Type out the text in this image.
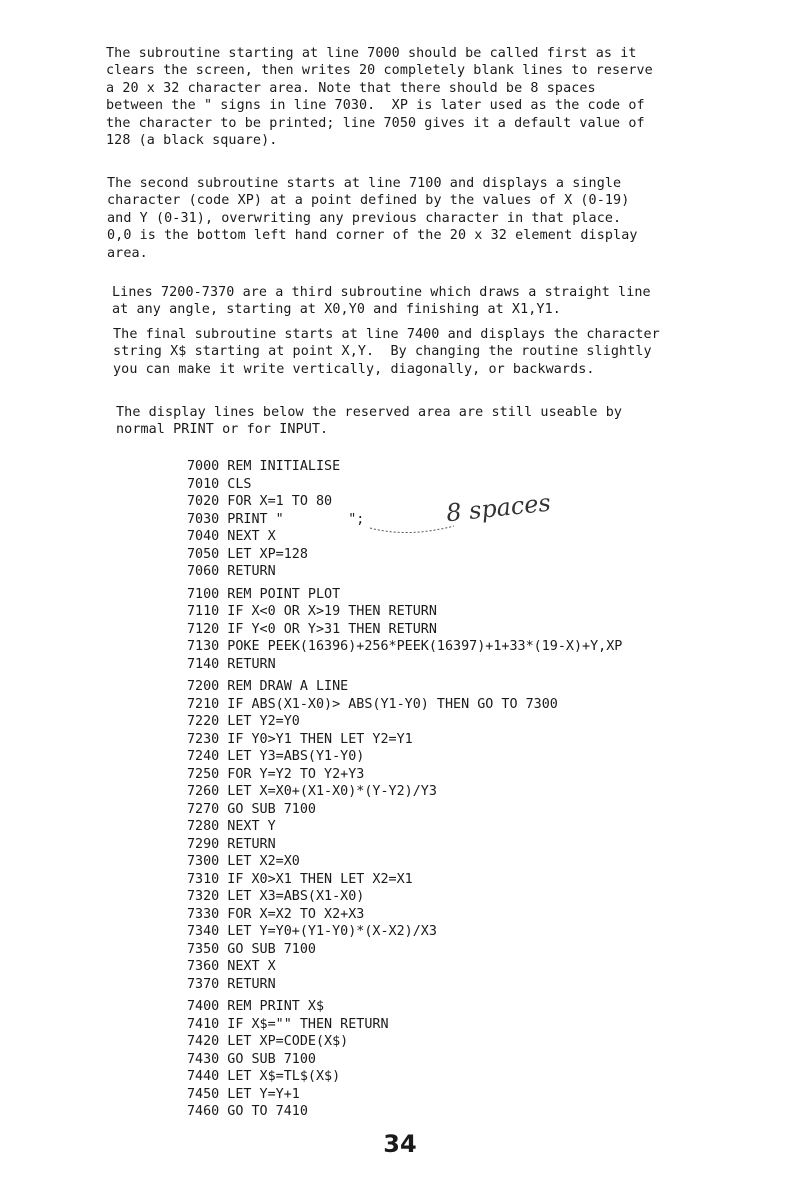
The subroutine starting at line 7000 should be called first as it
clears the screen, then writes 20 completely blank lines to reserve
a 20 x 32 character area. Note that there should be 8 spaces
between the " signs in line 7030.  XP is later used as the code of
the character to be printed; line 7050 gives it a default value of
128 (a black square).

The second subroutine starts at line 7100 and displays a single
character (code XP) at a point defined by the values of X (0-19)
and Y (0-31), overwriting any previous character in that place.
0,0 is the bottom left hand corner of the 20 x 32 element display
area.

Lines 7200-7370 are a third subroutine which draws a straight line
at any angle, starting at X0,Y0 and finishing at X1,Y1.

The final subroutine starts at line 7400 and displays the character
string X$ starting at point X,Y.  By changing the routine slightly
you can make it write vertically, diagonally, or backwards.

The display lines below the reserved area are still useable by
normal PRINT or for INPUT.

7000 REM INITIALISE
7010 CLS
7020 FOR X=1 TO 80
7030 PRINT "        ";
7040 NEXT X
7050 LET XP=128
7060 RETURN
7100 REM POINT PLOT
7110 IF X<0 OR X>19 THEN RETURN
7120 IF Y<0 OR Y>31 THEN RETURN
7130 POKE PEEK(16396)+256*PEEK(16397)+1+33*(19-X)+Y,XP
7140 RETURN
7200 REM DRAW A LINE
7210 IF ABS(X1-X0)> ABS(Y1-Y0) THEN GO TO 7300
7220 LET Y2=Y0
7230 IF Y0>Y1 THEN LET Y2=Y1
7240 LET Y3=ABS(Y1-Y0)
7250 FOR Y=Y2 TO Y2+Y3
7260 LET X=X0+(X1-X0)*(Y-Y2)/Y3
7270 GO SUB 7100
7280 NEXT Y
7290 RETURN
7300 LET X2=X0
7310 IF X0>X1 THEN LET X2=X1
7320 LET X3=ABS(X1-X0)
7330 FOR X=X2 TO X2+X3
7340 LET Y=Y0+(Y1-Y0)*(X-X2)/X3
7350 GO SUB 7100
7360 NEXT X
7370 RETURN
7400 REM PRINT X$
7410 IF X$="" THEN RETURN
7420 LET XP=CODE(X$)
7430 GO SUB 7100
7440 LET X$=TL$(X$)
7450 LET Y=Y+1
7460 GO TO 7410
8 spaces
34
